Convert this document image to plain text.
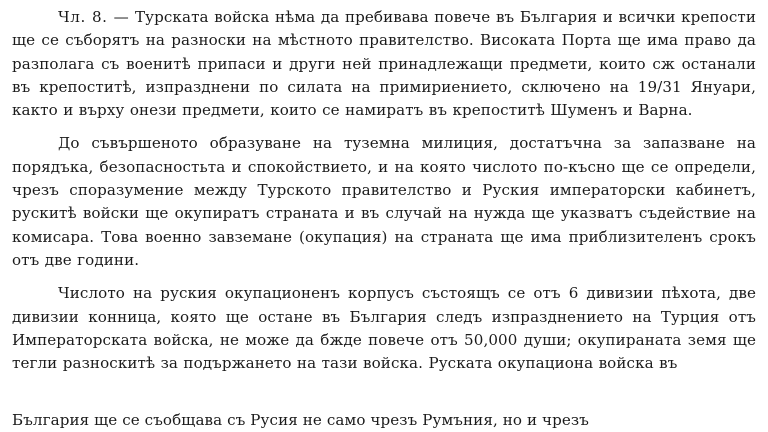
Чл. 8. — Турската войска нѣма да пребивава повече въ България и всички крепости ще се съборятъ на разноски на мѣстното правителство. Високата Порта ще има право да разполага съ военитѣ припаси и други ней принадлежащи предмети, които сж останали въ крепоститѣ, изпразднени по силата на примириението, сключено на 19/31 Януари, както и върху онези предмети, които се намиратъ въ крепоститѣ Шуменъ и Варна.

До съвършеното образуване на туземна милиция, достатъчна за запазване на порядъка, безопасностьта и спокойствието, и на която числото по-късно ще се определи, чрезъ споразумение между Турското правителство и Руския императорски кабинетъ, рускитѣ войски ще окупиратъ страната и въ случай на нужда ще указватъ съдействие на комисара. Това военно завземане (окупация) на страната ще има приблизителенъ срокъ отъ две години.

Числото на руския окупационенъ корпусъ състоящъ се отъ 6 дивизии пѣхота, две дивизии конница, която ще остане въ България следъ изпразднението на Турция отъ Императорската войска, не може да бжде повече отъ 50,000 души; окупираната земя ще тегли разноскитѣ за подържането на тази войска. Руската окупациона войска въ

България ще се съобщава съ Русия не само чрезъ Румъния, но и чрезъ
